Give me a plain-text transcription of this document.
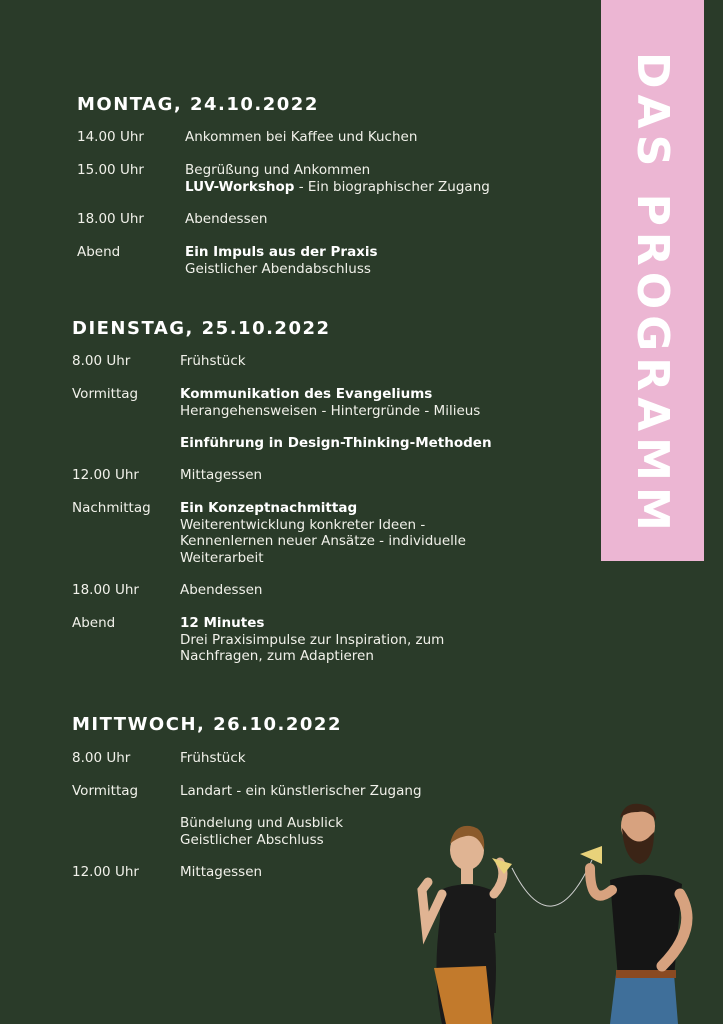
DAS PROGRAMM
MONTAG, 24.10.2022
14.00 Uhr	Ankommen bei Kaffee und Kuchen
15.00 Uhr	Begrüßung und Ankommen
LUV-Workshop - Ein biographischer Zugang
18.00 Uhr	Abendessen
Abend	Ein Impuls aus der Praxis
Geistlicher Abendabschluss
DIENSTAG, 25.10.2022
8.00 Uhr	Frühstück
Vormittag	Kommunikation des Evangeliums
Herangehensweisen - Hintergründe - Milieus
Einführung in Design-Thinking-Methoden
12.00 Uhr	Mittagessen
Nachmittag Ein Konzeptnachmittag
Weiterentwicklung konkreter Ideen -
Kennenlernen neuer Ansätze - individuelle
Weiterarbeit
18.00 Uhr	Abendessen
Abend	12 Minutes
Drei Praxisimpulse zur Inspiration, zum
Nachfragen, zum Adaptieren
MITTWOCH, 26.10.2022
8.00 Uhr	Frühstück
Vormittag	Landart - ein künstlerischer Zugang
Bündelung und Ausblick
Geistlicher Abschluss
12.00 Uhr	Mittagessen
